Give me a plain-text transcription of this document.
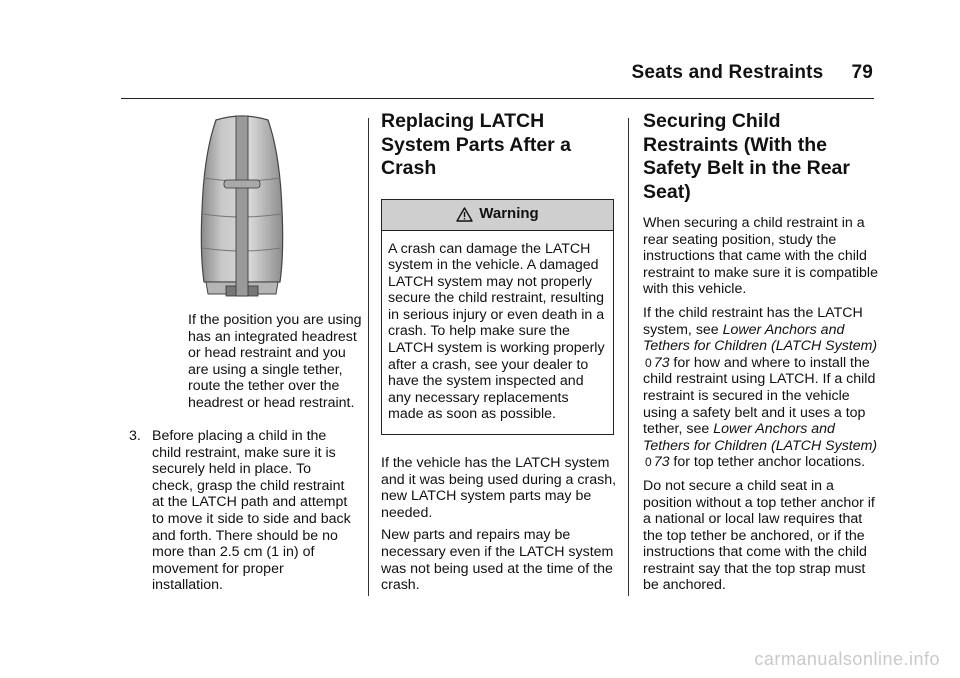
Seats and Restraints 79

If the position you are using has an integrated headrest or head restraint and you are using a single tether, route the tether over the headrest or head restraint.

3. Before placing a child in the child restraint, make sure it is securely held in place. To check, grasp the child restraint at the LATCH path and attempt to move it side to side and back and forth. There should be no more than 2.5 cm (1 in) of movement for proper installation.

Replacing LATCH System Parts After a Crash
Warning

A crash can damage the LATCH system in the vehicle. A damaged LATCH system may not properly secure the child restraint, resulting in serious injury or even death in a crash. To help make sure the LATCH system is working properly after a crash, see your dealer to have the system inspected and any necessary replacements made as soon as possible.

If the vehicle has the LATCH system and it was being used during a crash, new LATCH system parts may be needed.

New parts and repairs may be necessary even if the LATCH system was not being used at the time of the crash.

Securing Child Restraints (With the Safety Belt in the Rear Seat)

When securing a child restraint in a rear seating position, study the instructions that came with the child restraint to make sure it is compatible with this vehicle.

If the child restraint has the LATCH system, see Lower Anchors and Tethers for Children (LATCH System) 0 73 for how and where to install the child restraint using LATCH. If a child restraint is secured in the vehicle using a safety belt and it uses a top tether, see Lower Anchors and Tethers for Children (LATCH System) 0 73 for top tether anchor locations.

Do not secure a child seat in a position without a top tether anchor if a national or local law requires that the top tether be anchored, or if the instructions that come with the child restraint say that the top strap must be anchored.

carmanualsonline.info
